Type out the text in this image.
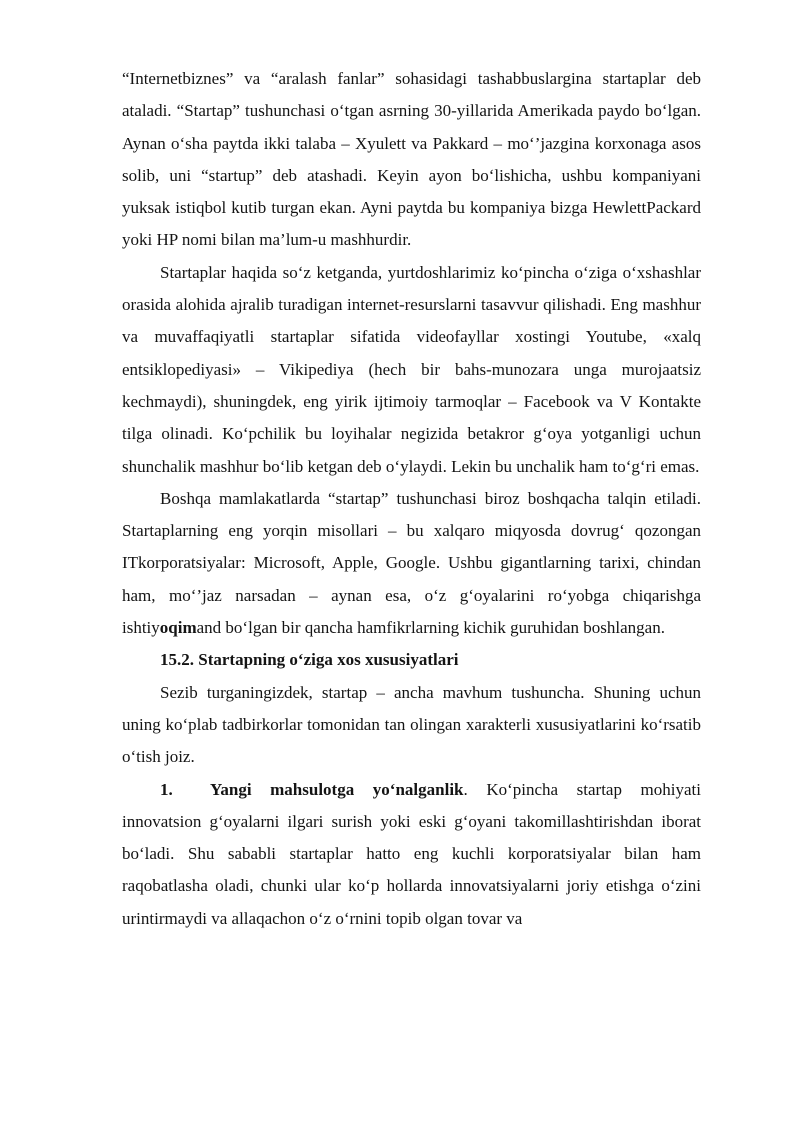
“Internetbiznes” va “aralash fanlar” sohasidagi tashabbuslargina startaplar deb ataladi. “Startap” tushunchasi o‘tgan asrning 30-yillarida Amerikada paydo bo‘lgan. Aynan o‘sha paytda ikki talaba – Xyulett va Pakkard – mo‘’jazgina korxonaga asos solib, uni “startup” deb atashadi. Keyin ayon bo‘lishicha, ushbu kompaniyani yuksak istiqbol kutib turgan ekan. Ayni paytda bu kompaniya bizga HewlettPackard yoki HP nomi bilan ma’lum-u mashhurdir.

Startaplar haqida so‘z ketganda, yurtdoshlarimiz ko‘pincha o‘ziga o‘xshashlar orasida alohida ajralib turadigan internet-resurslarni tasavvur qilishadi. Eng mashhur va muvaffaqiyatli startaplar sifatida videofayllar xostingi Youtube, «xalq entsiklopediyasi» – Vikipediya (hech bir bahs-munozara unga murojaatsiz kechmaydi), shuningdek, eng yirik ijtimoiy tarmoqlar – Facebook va V Kontakte tilga olinadi. Ko‘pchilik bu loyihalar negizida betakror g‘oya yotganligi uchun shunchalik mashhur bo‘lib ketgan deb o‘ylaydi. Lekin bu unchalik ham to‘g‘ri emas.

Boshqa mamlakatlarda “startap” tushunchasi biroz boshqacha talqin etiladi. Startaplarning eng yorqin misollari – bu xalqaro miqyosda dovrug‘ qozongan ITkorporatsiyalar: Microsoft, Apple, Google. Ushbu gigantlarning tarixi, chindan ham, mo‘’jaz narsadan – aynan esa, o‘z g‘oyalarini ro‘yobga chiqarishga ishtiyoqimand bo‘lgan bir qancha hamfikrlarning kichik guruhidan boshlangan.

15.2. Startapning o‘ziga xos xususiyatlari

Sezib turganingizdek, startap – ancha mavhum tushuncha. Shuning uchun uning ko‘plab tadbirkorlar tomonidan tan olingan xarakterli xususiyatlarini ko‘rsatib o‘tish joiz.

1. Yangi mahsulotga yo‘nalganlik. Ko‘pincha startap mohiyati innovatsion g‘oyalarni ilgari surish yoki eski g‘oyani takomillashtirishdan iborat bo‘ladi. Shu sababli startaplar hatto eng kuchli korporatsiyalar bilan ham raqobatlasha oladi, chunki ular ko‘p hollarda innovatsiyalarni joriy etishga o‘zini urintirmaydi va allaqachon o‘z o‘rnini topib olgan tovar va
